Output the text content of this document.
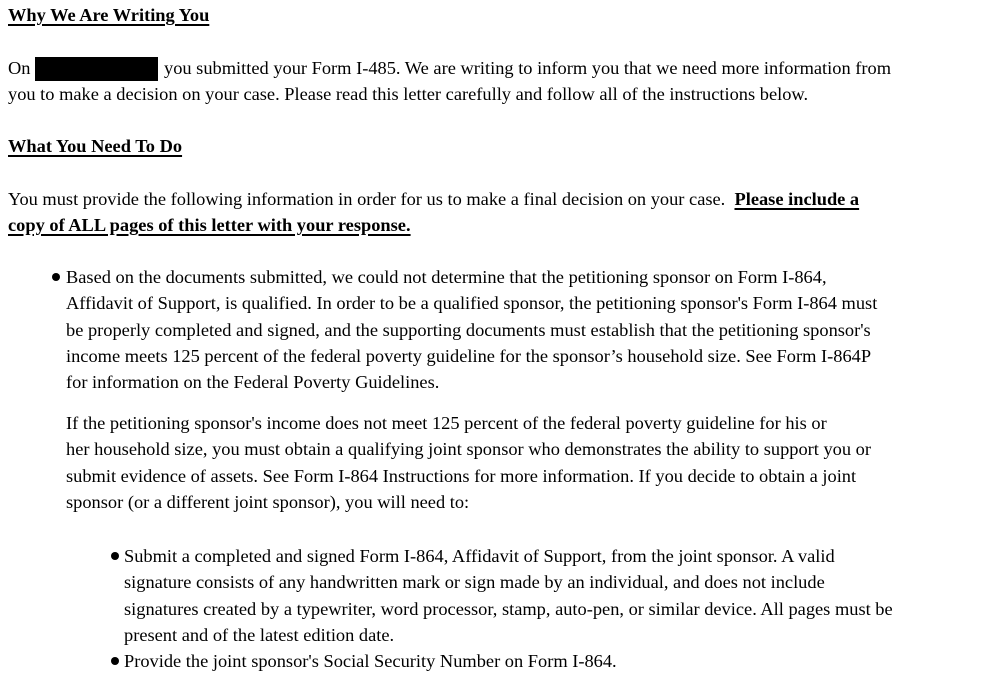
Why We Are Writing You
On	you submitted your Form I-485. We are writing to inform you that we need more information from
you to make a decision on your case. Please read this letter carefully and follow all of the instructions below.
What You Need To Do
You must provide the following information in order for us to make a final decision on your case. Please include a
copy of ALL pages of this letter with your response.
Based on the documents submitted, we could not determine that the petitioning sponsor on Form I-864,
Affidavit of Support, is qualified. In order to be a qualified sponsor, the petitioning sponsor's Form I-864 must
be properly completed and signed, and the supporting documents must establish that the petitioning sponsor's
income meets 125 percent of the federal poverty guideline for the sponsor’s household size. See Form I-864P
for information on the Federal Poverty Guidelines.
If the petitioning sponsor's income does not meet 125 percent of the federal poverty guideline for his or
her household size, you must obtain a qualifying joint sponsor who demonstrates the ability to support you or
submit evidence of assets. See Form I-864 Instructions for more information. If you decide to obtain a joint
sponsor (or a different joint sponsor), you will need to:
Submit a completed and signed Form I-864, Affidavit of Support, from the joint sponsor. A valid
signature consists of any handwritten mark or sign made by an individual, and does not include
signatures created by a typewriter, word processor, stamp, auto-pen, or similar device. All pages must be
present and of the latest edition date.
Provide the joint sponsor's Social Security Number on Form I-864.
